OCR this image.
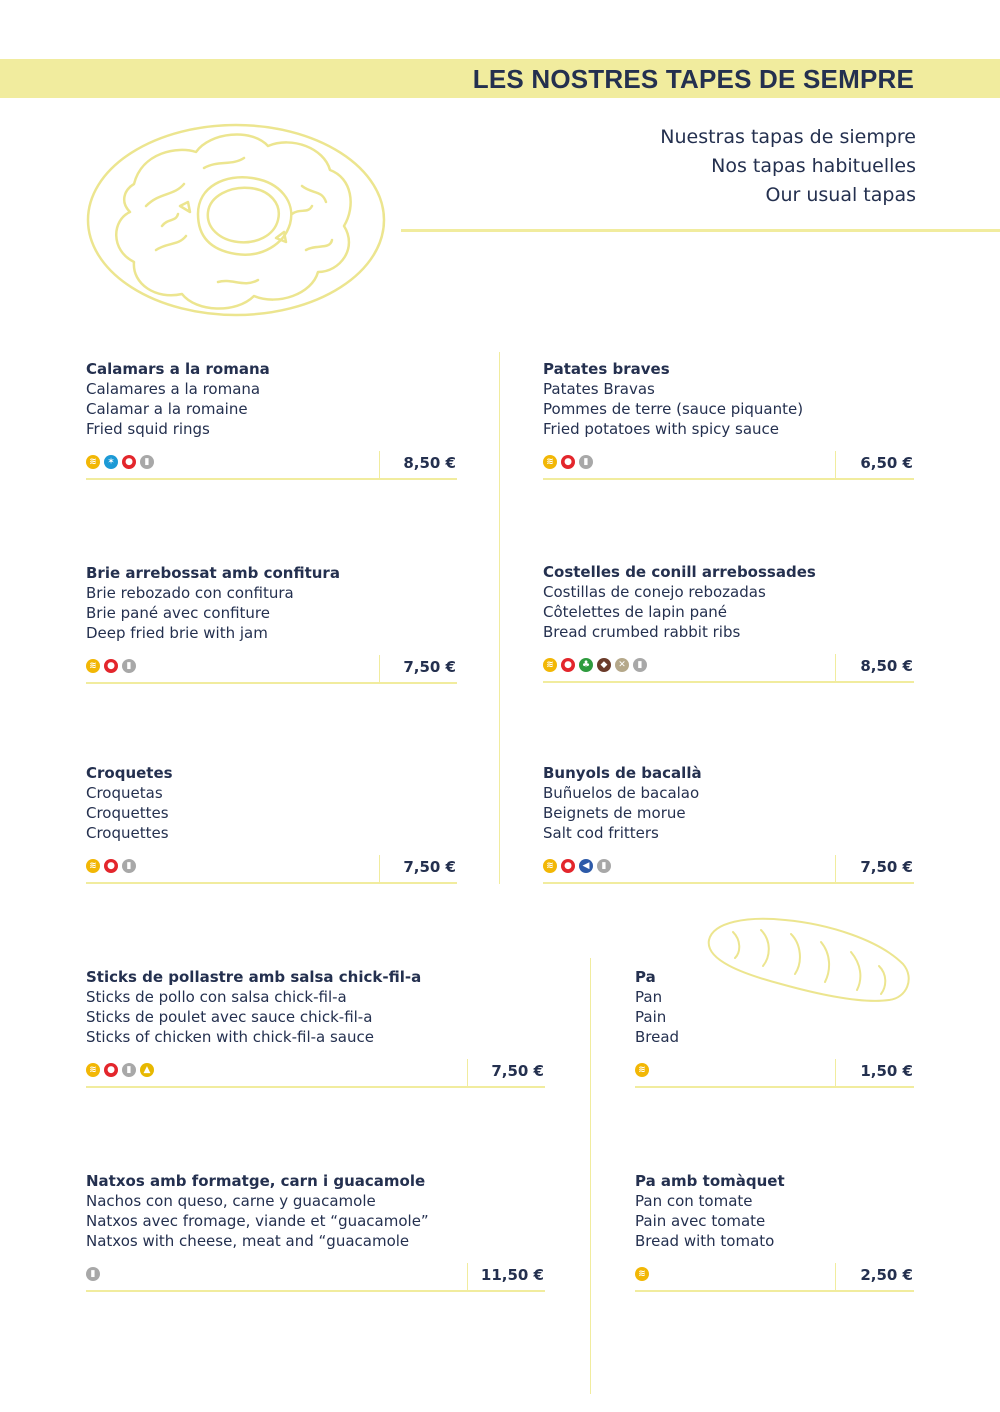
LES NOSTRES TAPES DE SEMPRE
Nuestras tapas de siempre
Nos tapas habituelles
Our usual tapas
Calamars a la romana
Calamares a la romana
Calamar a la romaine
Fried squid rings
≋	✶	●	▮	8,50 €
Patates braves
Patates Bravas
Pommes de terre (sauce piquante)
Fried potatoes with spicy sauce
≋	●	▮	6,50 €
Brie arrebossat amb confitura
Brie rebozado con confitura
Brie pané avec confiture
Deep fried brie with jam
≋	●	▮	7,50 €
Costelles de conill arrebossades
Costillas de conejo rebozadas
Côtelettes de lapin pané
Bread crumbed rabbit ribs
≋	●	♣	◆	✕	▮	8,50 €
Croquetes
Croquetas
Croquettes
Croquettes
≋	●	▮	7,50 €
Bunyols de bacallà
Buñuelos de bacalao
Beignets de morue
Salt cod fritters
≋	●	◀	▮	7,50 €
Sticks de pollastre amb salsa chick-fil-a
Sticks de pollo con salsa chick-fil-a
Sticks de poulet avec sauce chick-fil-a
Sticks of chicken with chick-fil-a sauce
≋	●	▮	▲	7,50 €
Pa
Pan
Pain
Bread
≋	1,50 €
Natxos amb formatge, carn i guacamole
Nachos con queso, carne y guacamole
Natxos avec fromage, viande et “guacamole”
Natxos with cheese, meat and “guacamole
▮	11,50 €
Pa amb tomàquet
Pan con tomate
Pain avec tomate
Bread with tomato
≋	2,50 €
